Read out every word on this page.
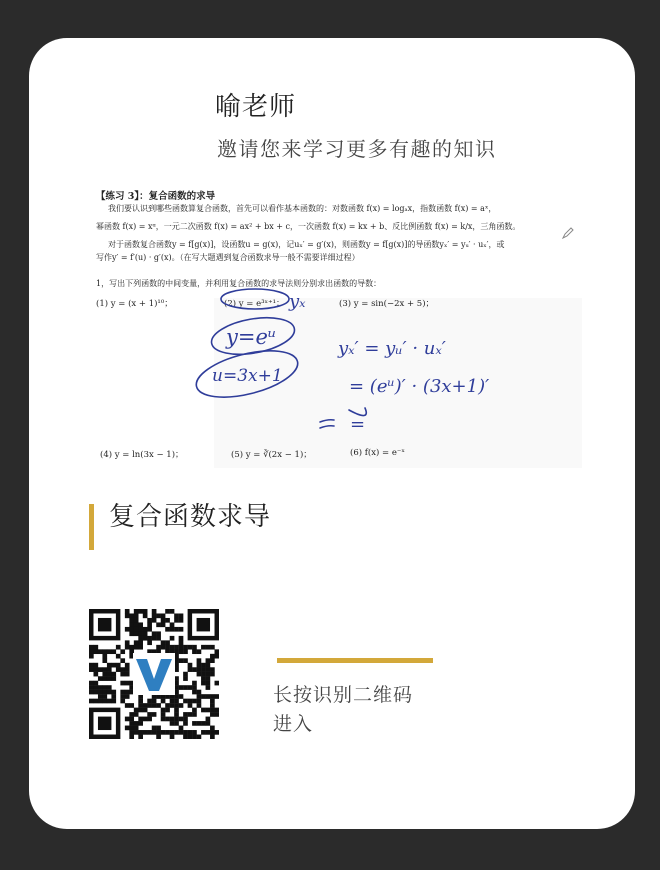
喻老师
邀请您来学习更多有趣的知识
【练习 3】：复合函数的求导
我们要认识到哪些函数算复合函数，首先可以看作基本函数的：对数函数 f(x) = logₐx，指数函数 f(x) = aˣ，
幂函数 f(x) = xᵅ，一元二次函数 f(x) = ax² + bx + c，一次函数 f(x) = kx + b、反比例函数 f(x) = k/x，三角函数。
对于函数复合函数y = f[g(x)]，设函数u = g(x)，记uₓ′ = g′(x)，则函数y = f[g(x)]的导函数yₓ′ = yᵤ′ · uₓ′，或
写作y′ = f′(u) · g′(x)。（在写大题遇到复合函数求导一般不需要详细过程）
1，写出下列函数的中间变量，并利用复合函数的求导法则分别求出函数的导数：
(1) y = (x + 1)¹⁰；	(2) y = e³ˣ⁺¹；	(3) y = sin(−2x + 5)；
(4) y = ln(3x − 1)；	(5) y = ∛(2x − 1)；	(6) f(x) = e⁻ˣ
yₓ
y=eᵘ
u=3x+1
yₓ′ = yᵤ′ · uₓ′
= (eᵘ)′ · (3x+1)′
=
复合函数求导
长按识别二维码
进入
